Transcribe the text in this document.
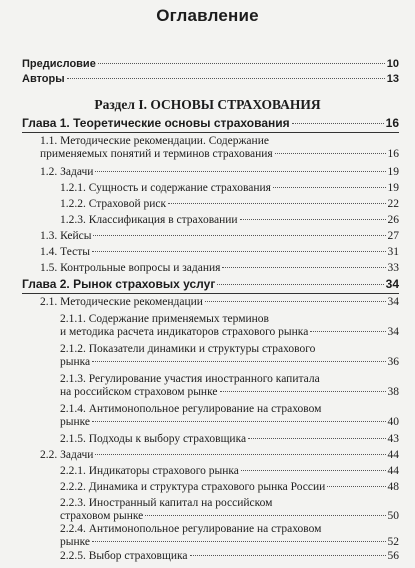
Оглавление
Предисловие	10
Авторы	13
Раздел I. ОСНОВЫ СТРАХОВАНИЯ
Глава 1. Теоретические основы страхования	16
1.1. Методические рекомендации. Содержание
применяемых понятий и терминов страхования	16
1.2. Задачи	19
1.2.1. Сущность и содержание страхования	19
1.2.2. Страховой риск	22
1.2.3. Классификация в страховании	26
1.3. Кейсы	27
1.4. Тесты	31
1.5. Контрольные вопросы и задания	33
Глава 2. Рынок страховых услуг	34
2.1. Методические рекомендации	34
2.1.1. Содержание применяемых терминов
и методика расчета индикаторов страхового рынка	34
2.1.2. Показатели динамики и структуры страхового
рынка	36
2.1.3. Регулирование участия иностранного капитала
на российском страховом рынке	38
2.1.4. Антимонопольное регулирование на страховом
рынке	40
2.1.5. Подходы к выбору страховщика	43
2.2. Задачи	44
2.2.1. Индикаторы страхового рынка	44
2.2.2. Динамика и структура страхового рынка России	48
2.2.3. Иностранный капитал на российском
страховом рынке	50
2.2.4. Антимонопольное регулирование на страховом
рынке	52
2.2.5. Выбор страховщика	56
